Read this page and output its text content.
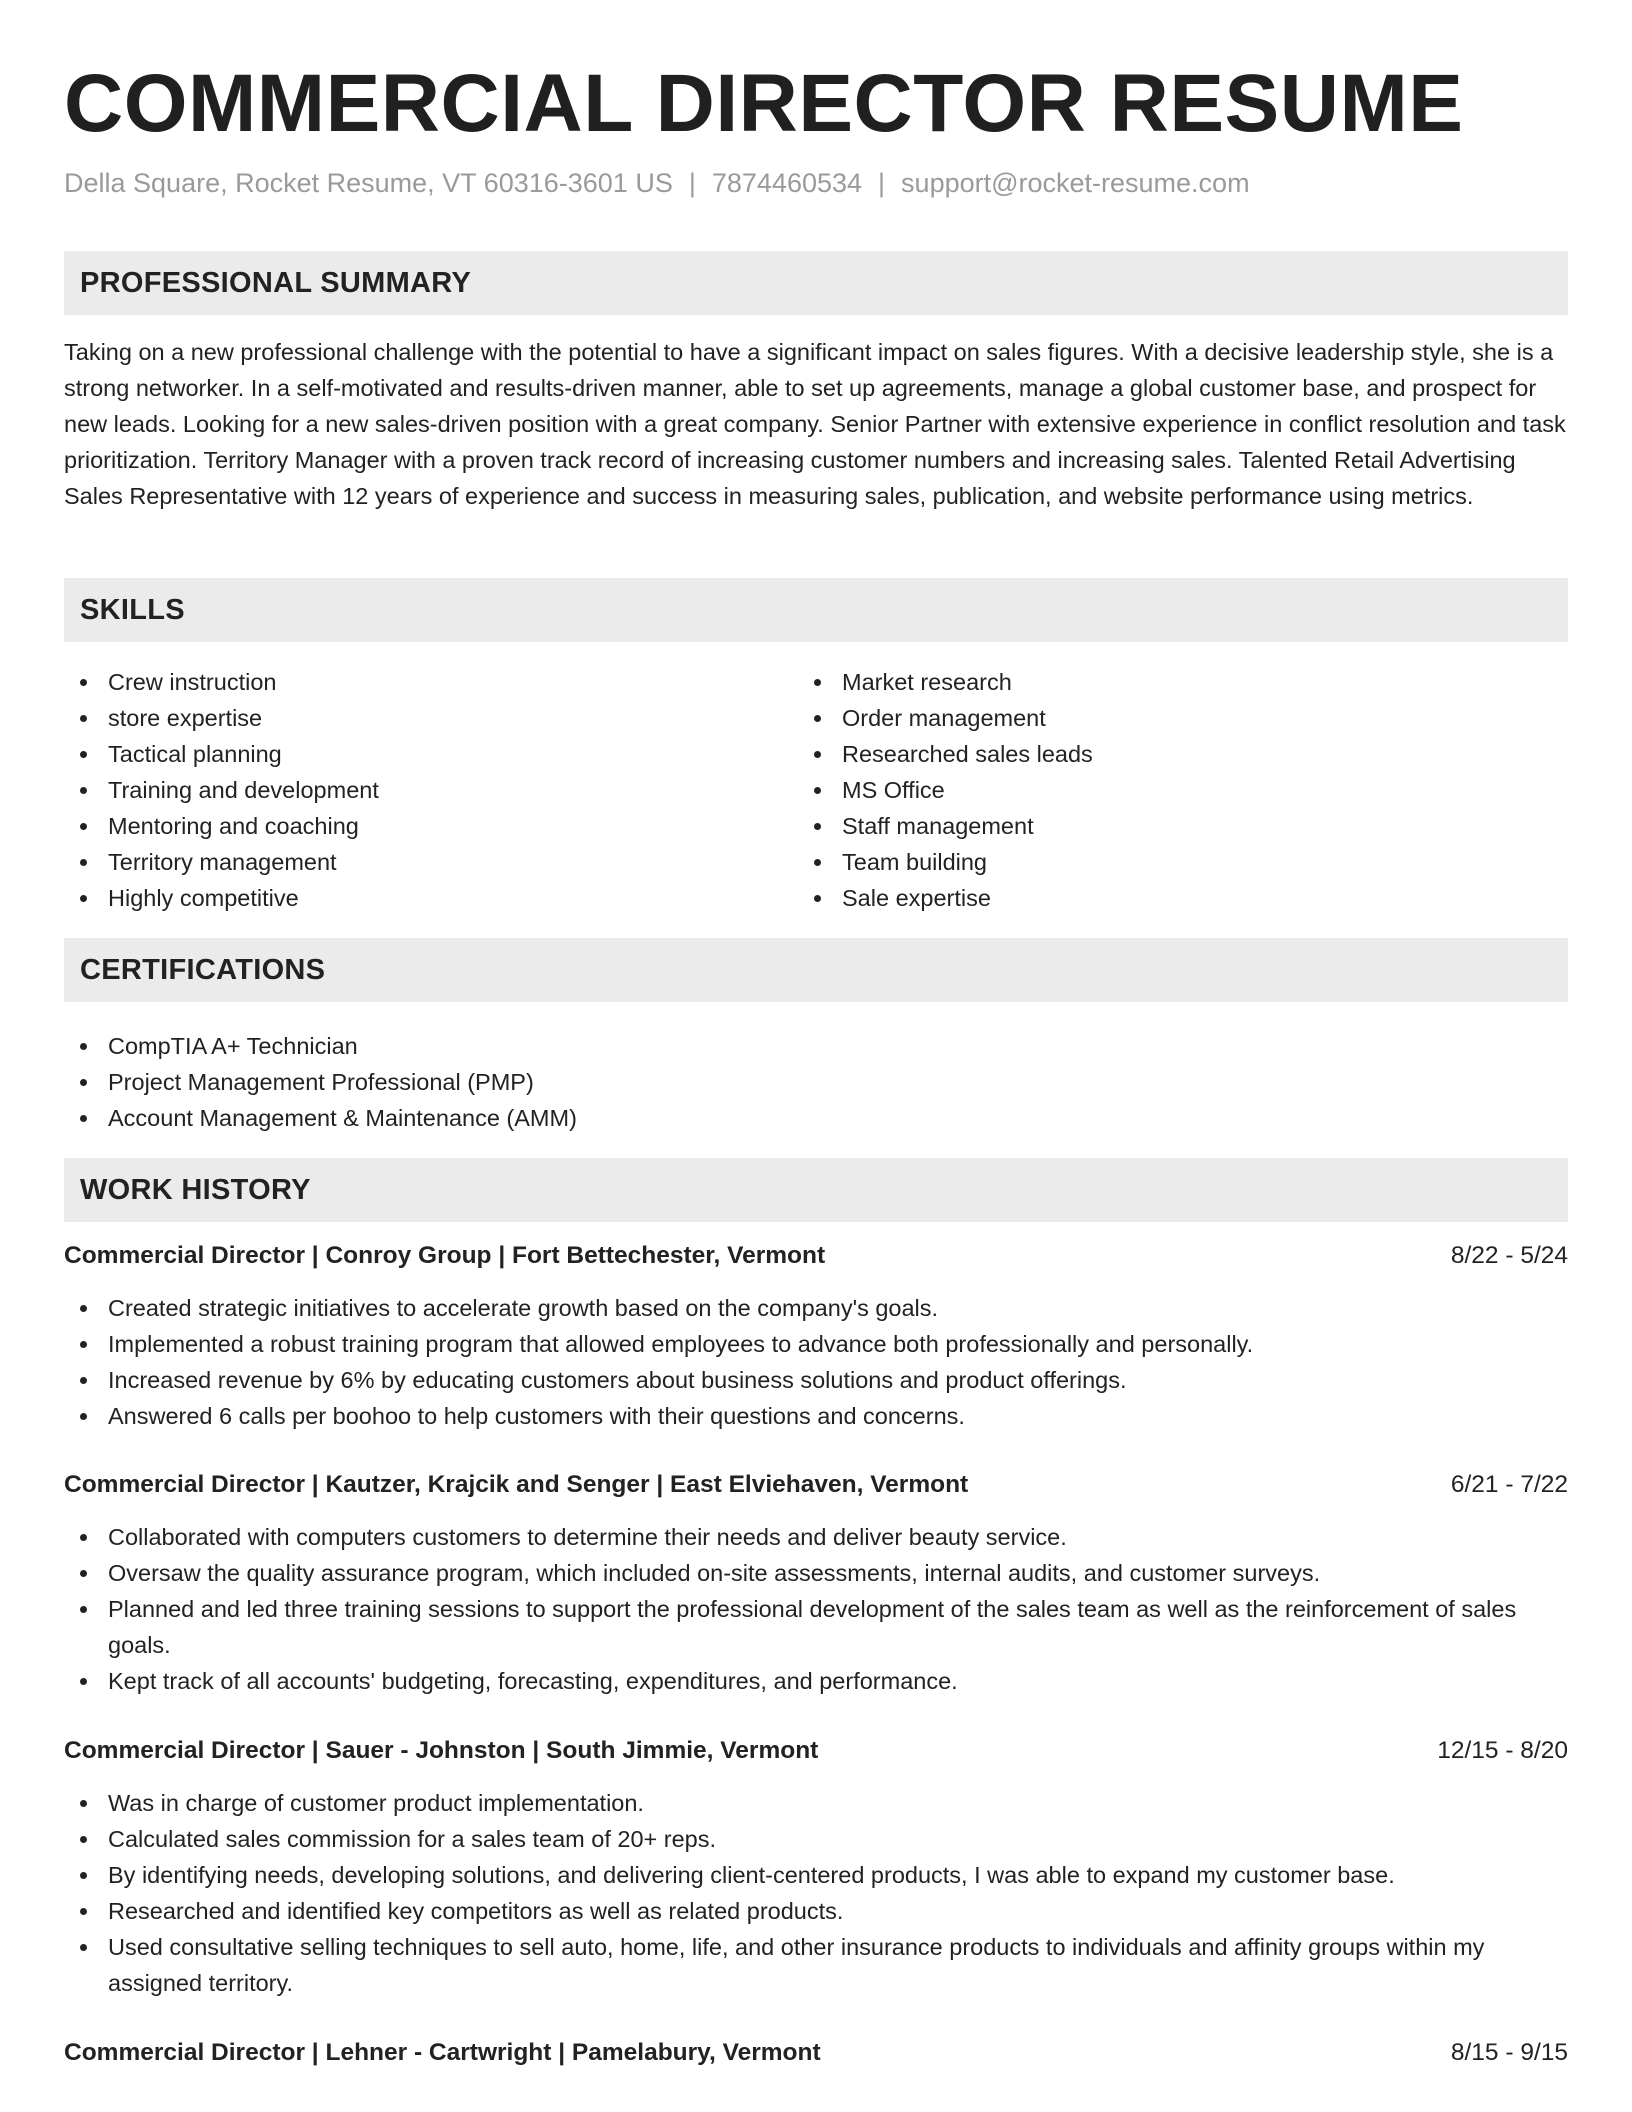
COMMERCIAL DIRECTOR RESUME
Della Square, Rocket Resume, VT 60316-3601 US | 7874460534 | support@rocket-resume.com
PROFESSIONAL SUMMARY

Taking on a new professional challenge with the potential to have a significant impact on sales figures. With a decisive leadership style, she is a strong networker. In a self-motivated and results-driven manner, able to set up agreements, manage a global customer base, and prospect for new leads. Looking for a new sales-driven position with a great company. Senior Partner with extensive experience in conflict resolution and task prioritization. Territory Manager with a proven track record of increasing customer numbers and increasing sales. Talented Retail Advertising Sales Representative with 12 years of experience and success in measuring sales, publication, and website performance using metrics.

SKILLS
Crew instruction
store expertise
Tactical planning
Training and development
Mentoring and coaching
Territory management
Highly competitive
Market research
Order management
Researched sales leads
MS Office
Staff management
Team building
Sale expertise
CERTIFICATIONS
CompTIA A+ Technician
Project Management Professional (PMP)
Account Management & Maintenance (AMM)
WORK HISTORY
Commercial Director | Conroy Group | Fort Bettechester, Vermont	8/22 - 5/24
Created strategic initiatives to accelerate growth based on the company's goals.
Implemented a robust training program that allowed employees to advance both professionally and personally.
Increased revenue by 6% by educating customers about business solutions and product offerings.
Answered 6 calls per boohoo to help customers with their questions and concerns.
Commercial Director | Kautzer, Krajcik and Senger | East Elviehaven, Vermont	6/21 - 7/22
Collaborated with computers customers to determine their needs and deliver beauty service.
Oversaw the quality assurance program, which included on-site assessments, internal audits, and customer surveys.
Planned and led three training sessions to support the professional development of the sales team as well as the reinforcement of sales goals.
Kept track of all accounts' budgeting, forecasting, expenditures, and performance.
Commercial Director | Sauer - Johnston | South Jimmie, Vermont	12/15 - 8/20
Was in charge of customer product implementation.
Calculated sales commission for a sales team of 20+ reps.
By identifying needs, developing solutions, and delivering client-centered products, I was able to expand my customer base.
Researched and identified key competitors as well as related products.
Used consultative selling techniques to sell auto, home, life, and other insurance products to individuals and affinity groups within my assigned territory.
Commercial Director | Lehner - Cartwright | Pamelabury, Vermont	8/15 - 9/15
